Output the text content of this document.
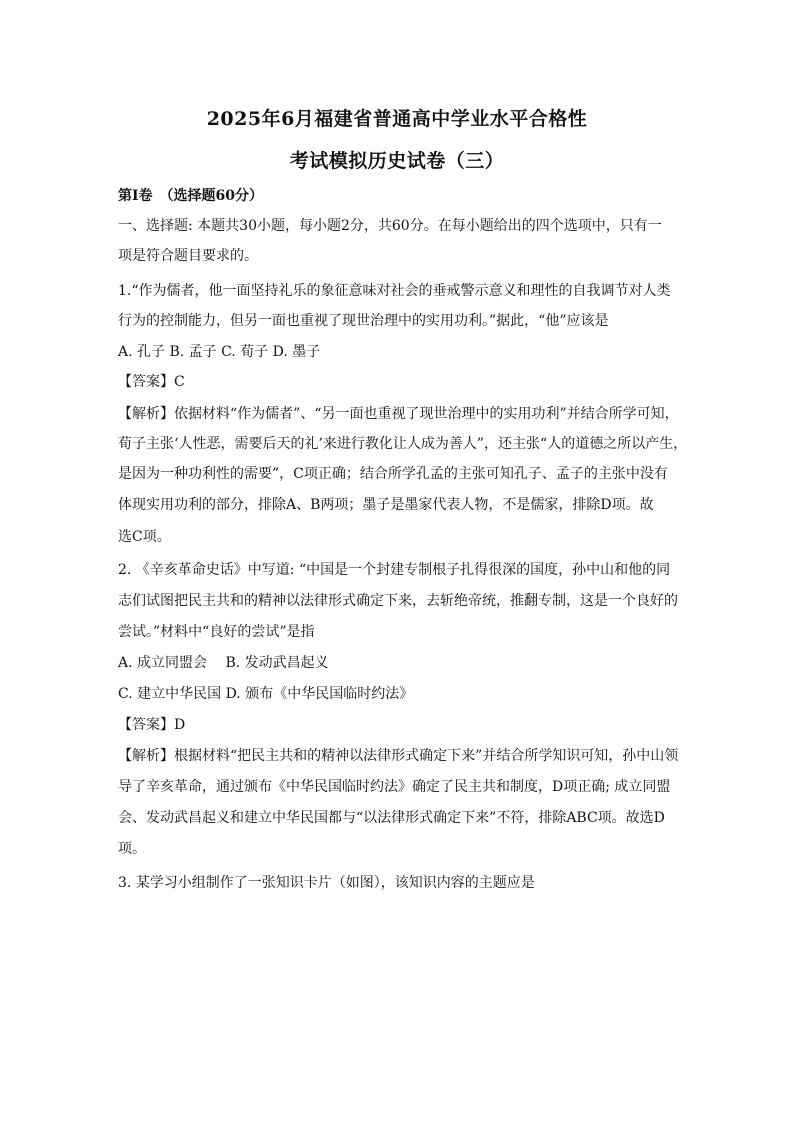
2025年6月福建省普通高中学业水平合格性
考试模拟历史试卷（三）
第Ⅰ卷　（选择题60分）
一、选择题: 本题共30小题，每小题2分，共60分。在每小题给出的四个选项中，只有一
项是符合题目要求的。
1.“作为儒者，他一面坚持礼乐的象征意味对社会的垂戒警示意义和理性的自我调节对人类
行为的控制能力，但另一面也重视了现世治理中的实用功利。”据此，“他”应该是
A. 孔子 B. 孟子 C. 荀子 D. 墨子
【答案】C
【解析】依据材料“作为儒者”、“另一面也重视了现世治理中的实用功利”并结合所学可知，
荀子主张‘人性恶，需要后天的礼’来进行教化让人成为善人”，还主张“人的道德之所以产生，
是因为一种功利性的需要”，C项正确；结合所学孔孟的主张可知孔子、孟子的主张中没有
体现实用功利的部分，排除A、B两项；墨子是墨家代表人物，不是儒家，排除D项。故
选C项。
2. 《辛亥革命史话》中写道: “中国是一个封建专制根子扎得很深的国度，孙中山和他的同
志们试图把民主共和的精神以法律形式确定下来，去斩绝帝统，推翻专制，这是一个良好的
尝试。”材料中“良好的尝试”是指
A. 成立同盟会　 B. 发动武昌起义
C. 建立中华民国 D. 颁布《中华民国临时约法》
【答案】D
【解析】根据材料“把民主共和的精神以法律形式确定下来”并结合所学知识可知，孙中山领
导了辛亥革命，通过颁布《中华民国临时约法》确定了民主共和制度，D项正确; 成立同盟
会、发动武昌起义和建立中华民国都与“以法律形式确定下来”不符，排除ABC项。故选D
项。
3. 某学习小组制作了一张知识卡片（如图），该知识内容的主题应是
